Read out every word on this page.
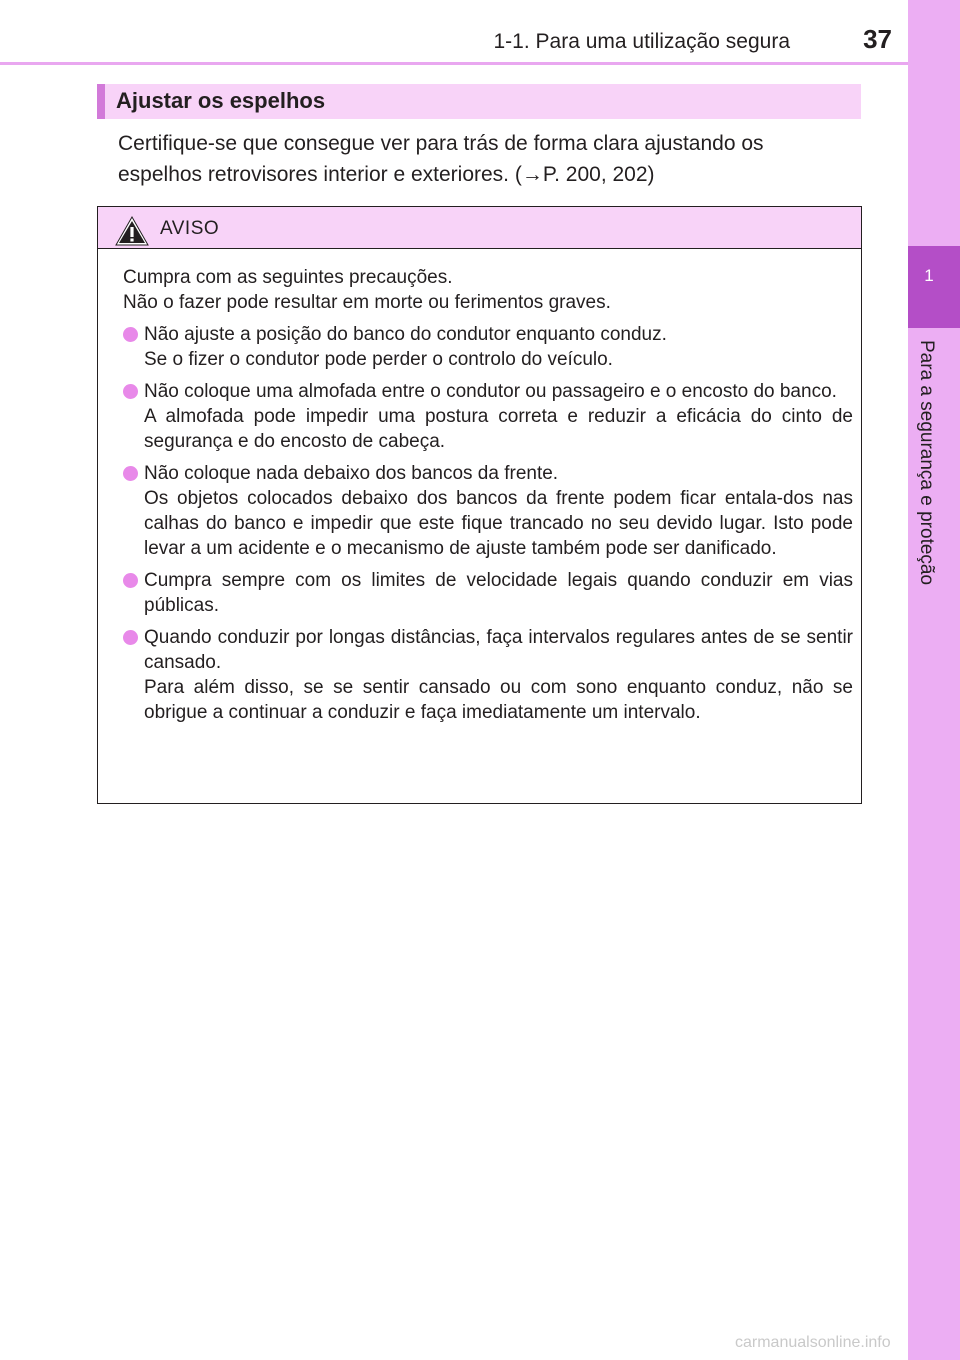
1-1. Para uma utilização segura	37
1
Para a segurança e proteção
Ajustar os espelhos
Certifique-se que consegue ver para trás de forma clara ajustando os
espelhos retrovisores interior e exteriores. (→P. 200, 202)
AVISO

Cumpra com as seguintes precauções.

Não o fazer pode resultar em morte ou ferimentos graves.

Não ajuste a posição do banco do condutor enquanto conduz.

Se o fizer o condutor pode perder o controlo do veículo.

Não coloque uma almofada entre o condutor ou passageiro e o encosto do banco.

A almofada pode impedir uma postura correta e reduzir a eficácia do cinto de segurança e do encosto de cabeça.

Não coloque nada debaixo dos bancos da frente.

Os objetos colocados debaixo dos bancos da frente podem ficar entala-dos nas calhas do banco e impedir que este fique trancado no seu devido lugar. Isto pode levar a um acidente e o mecanismo de ajuste também pode ser danificado.

Cumpra sempre com os limites de velocidade legais quando conduzir em vias públicas.

Quando conduzir por longas distâncias, faça intervalos regulares antes de se sentir cansado.

Para além disso, se se sentir cansado ou com sono enquanto conduz, não se obrigue a continuar a conduzir e faça imediatamente um intervalo.

carmanualsonline.info
